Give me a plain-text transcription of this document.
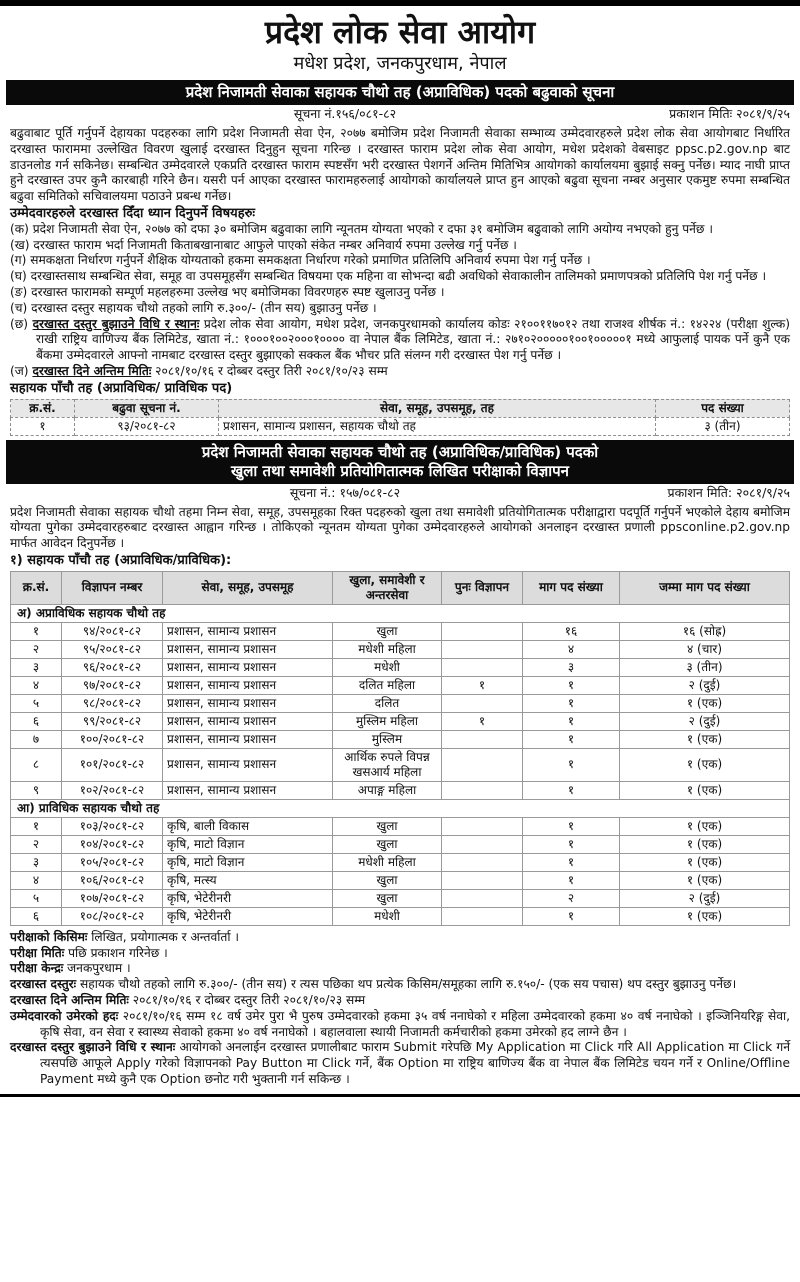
प्रदेश लोक सेवा आयोग
मधेश प्रदेश, जनकपुरधाम, नेपाल
प्रदेश निजामती सेवाका सहायक चौथो तह (अप्राविधिक) पदको बढुवाको सूचना
सूचना नं.१५६/०८१-८२	प्रकाशन मितिः २०८१/९/२५
बढुवाबाट पूर्ति गर्नुपर्ने देहायका पदहरुका लागि प्रदेश निजामती सेवा ऐन, २०७७ बमोजिम प्रदेश निजामती सेवाका सम्भाव्य उम्मेदवारहरुले प्रदेश लोक सेवा आयोगबाट निर्धारित दरखास्त फाराममा उल्लेखित विवरण खुलाई दरखास्त दिनुहुन सूचना गरिन्छ । दरखास्त फाराम प्रदेश लोक सेवा आयोग, मधेश प्रदेशको वेबसाइट ppsc.p2.gov.np बाट डाउनलोड गर्न सकिनेछ। सम्बन्धित उम्मेदवारले एकप्रति दरखास्त फाराम स्पष्टसँग भरी दरखास्त पेशगर्ने अन्तिम मितिभित्र आयोगको कार्यालयमा बुझाई सक्नु पर्नेछ। म्याद नाघी प्राप्त हुने दरखास्त उपर कुनै कारबाही गरिने छैन। यसरी पर्न आएका दरखास्त फारामहरुलाई आयोगको कार्यालयले प्राप्त हुन आएको बढुवा सूचना नम्बर अनुसार एकमुष्ट रुपमा सम्बन्धित बढुवा समितिको सचिवालयमा पठाउने प्रबन्ध गर्नेछ।
उम्मेदवारहरुले दरखास्त दिँदा ध्यान दिनुपर्ने विषयहरुः
(क) प्रदेश निजामती सेवा ऐन, २०७७ को दफा ३० बमोजिम बढुवाका लागि न्यूनतम योग्यता भएको र दफा ३१ बमोजिम बढुवाको लागि अयोग्य नभएको हुनु पर्नेछ ।
(ख) दरखास्त फाराम भर्दा निजामती किताबखानाबाट आफुले पाएको संकेत नम्बर अनिवार्य रुपमा उल्लेख गर्नु पर्नेछ ।
(ग) समकक्षता निर्धारण गर्नुपर्ने शैक्षिक योग्यताको हकमा समकक्षता निर्धारण गरेको प्रमाणित प्रतिलिपि अनिवार्य रुपमा पेश गर्नु पर्नेछ ।
(घ) दरखास्तसाथ सम्बन्धित सेवा, समूह वा उपसमूहसँग सम्बन्धित विषयमा एक महिना वा सोभन्दा बढी अवधिको सेवाकालीन तालिमको प्रमाणपत्रको प्रतिलिपि पेश गर्नु पर्नेछ ।
(ङ) दरखास्त फारामको सम्पूर्ण महलहरुमा उल्लेख भए बमोजिमका विवरणहरु स्पष्ट खुलाउनु पर्नेछ ।
(च) दरखास्त दस्तुर सहायक चौथो तहको लागि रु.३००/- (तीन सय) बुझाउनु पर्नेछ ।
(छ) दरखास्त दस्तुर बुझाउने विधि र स्थानः प्रदेश लोक सेवा आयोग, मधेश प्रदेश, जनकपुरधामको कार्यालय कोडः २१००११७०१२ तथा राजश्व शीर्षक नं.: १४२२४ (परीक्षा शुल्क) राखी राष्ट्रिय वाणिज्य बैंक लिमिटेड, खाता नं.: १०००१००२०००१०००० वा नेपाल बैंक लिमिटेड, खाता नं.: २७१०२०००००१००१०००००१ मध्ये आफुलाई पायक पर्ने कुनै एक बैंकमा उम्मेदवारले आफ्नो नामबाट दरखास्त दस्तुर बुझाएको सक्कल बैंक भौचर प्रति संलग्न गरी दरखास्त पेश गर्नु पर्नेछ ।
(ज) दरखास्त दिने अन्तिम मितिः २०८१/१०/१६ र दोब्बर दस्तुर तिरी २०८१/१०/२३ सम्म
सहायक पाँचौ तह (अप्राविधिक/ प्राविधिक पद)
क्र.सं.	बढुवा सूचना नं.	सेवा, समूह, उपसमूह, तह	पद संख्या
१	९३/२०८१-८२	प्रशासन, सामान्य प्रशासन, सहायक चौथो तह	३ (तीन)
प्रदेश निजामती सेवाका सहायक चौथो तह (अप्राविधिक/प्राविधिक) पदको
खुला तथा समावेशी प्रतियोगितात्मक लिखित परीक्षाको विज्ञापन
सूचना नं.: १५७/०८१-८२	प्रकाशन मिति: २०८१/९/२५
प्रदेश निजामती सेवाका सहायक चौथो तहमा निम्न सेवा, समूह, उपसमूहका रिक्त पदहरुको खुला तथा समावेशी प्रतियोगितात्मक परीक्षाद्वारा पदपूर्ति गर्नुपर्ने भएकोले देहाय बमोजिम योग्यता पुगेका उम्मेदवारहरुबाट दरखास्त आह्वान गरिन्छ । तोकिएको न्यूनतम योग्यता पुगेका उम्मेदवारहरुले आयोगको अनलाइन दरखास्त प्रणाली ppsconline.p2.gov.np मार्फत आवेदन दिनुपर्नेछ ।
१) सहायक पाँचौ तह (अप्राविधिक/प्राविधिक):
क्र.सं.	विज्ञापन नम्बर	सेवा, समूह, उपसमूह	खुला, समावेशी र अन्तरसेवा	पुनः विज्ञापन	माग पद संख्या	जम्मा माग पद संख्या
अ) अप्राविधिक सहायक चौथो तह						
१	९४/२०८१-८२	प्रशासन, सामान्य प्रशासन	खुला		१६	१६ (सोह्र)
२	९५/२०८१-८२	प्रशासन, सामान्य प्रशासन	मधेशी महिला		४	४ (चार)
३	९६/२०८१-८२	प्रशासन, सामान्य प्रशासन	मधेशी		३	३ (तीन)
४	९७/२०८१-८२	प्रशासन, सामान्य प्रशासन	दलित महिला	१	१	२ (दुई)
५	९८/२०८१-८२	प्रशासन, सामान्य प्रशासन	दलित		१	१ (एक)
६	९९/२०८१-८२	प्रशासन, सामान्य प्रशासन	मुस्लिम महिला	१	१	२ (दुई)
७	१००/२०८१-८२	प्रशासन, सामान्य प्रशासन	मुस्लिम		१	१ (एक)
८	१०१/२०८१-८२	प्रशासन, सामान्य प्रशासन	आर्थिक रुपले विपन्न खसआर्य महिला		१	१ (एक)
९	१०२/२०८१-८२	प्रशासन, सामान्य प्रशासन	अपाङ्ग महिला		१	१ (एक)
आ) प्राविधिक सहायक चौथो तह						
१	१०३/२०८१-८२	कृषि, बाली विकास	खुला		१	१ (एक)
२	१०४/२०८१-८२	कृषि, माटो विज्ञान	खुला		१	१ (एक)
३	१०५/२०८१-८२	कृषि, माटो विज्ञान	मधेशी महिला		१	१ (एक)
४	१०६/२०८१-८२	कृषि, मत्स्य	खुला		१	१ (एक)
५	१०७/२०८१-८२	कृषि, भेटेरीनरी	खुला		२	२ (दुई)
६	१०८/२०८१-८२	कृषि, भेटेरीनरी	मधेशी		१	१ (एक)
परीक्षाको किसिमः लिखित, प्रयोगात्मक र अन्तर्वार्ता ।
परीक्षा मितिः पछि प्रकाशन गरिनेछ ।
परीक्षा केन्द्रः जनकपुरधाम ।
दरखास्त दस्तुरः सहायक चौथो तहको लागि रु.३००/- (तीन सय) र त्यस पछिका थप प्रत्येक किसिम/समूहका लागि रु.१५०/- (एक सय पचास) थप दस्तुर बुझाउनु पर्नेछ।
दरखास्त दिने अन्तिम मितिः २०८१/१०/१६ र दोब्बर दस्तुर तिरी २०८१/१०/२३ सम्म
उम्मेदवारको उमेरको हदः २०८१/१०/१६ सम्म १८ वर्ष उमेर पुरा भै पुरुष उम्मेदवारको हकमा ३५ वर्ष ननाघेको र महिला उम्मेदवारको हकमा ४० वर्ष ननाघेको । इञ्जिनियरिङ्ग सेवा, कृषि सेवा, वन सेवा र स्वास्थ्य सेवाको हकमा ४० वर्ष ननाघेको । बहालवाला स्थायी निजामती कर्मचारीको हकमा उमेरको हद लाग्ने छैन ।
दरखास्त दस्तुर बुझाउने विधि र स्थानः आयोगको अनलाईन दरखास्त प्रणालीबाट फाराम Submit गरेपछि My Application मा Click गरि All Application मा Click गर्ने त्यसपछि आफूले Apply गरेको विज्ञापनको Pay Button मा Click गर्ने, बैंक Option मा राष्ट्रिय बाणिज्य बैंक वा नेपाल बैंक लिमिटेड चयन गर्ने र Online/Offline Payment मध्ये कुनै एक Option छनोट गरी भुक्तानी गर्न सकिन्छ ।
